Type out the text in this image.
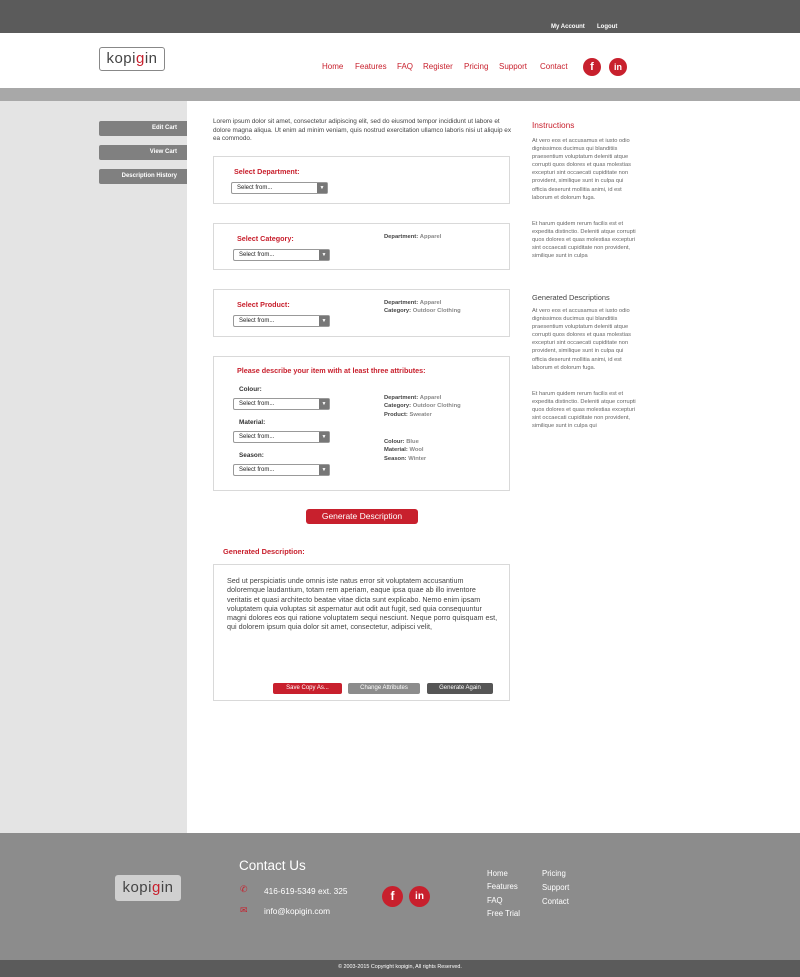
My Account Logout
kopigin	Home Features FAQ Register Pricing Support Contact	f	in
Edit Cart
View Cart
Description History

Lorem ipsum dolor sit amet, consectetur adipiscing elit, sed do eiusmod tempor incididunt ut labore et dolore magna aliqua. Ut enim ad minim veniam, quis nostrud exercitation ullamco laboris nisi ut aliquip ex ea commodo.

Select Department:
Select from...	▼
Select Category:
Select from...	▼
Department: Apparel
Select Product:
Select from...	▼
Department: Apparel
Category: Outdoor Clothing
Please describe your item with at least three attributes:
Colour:
Select from...	▼
Material:
Select from...	▼
Season:
Select from...	▼
Department: Apparel
Category: Outdoor Clothing
Product: Sweater
Colour: Blue
Material: Wool
Season: Winter
Generate Description
Generated Description:

Sed ut perspiciatis unde omnis iste natus error sit voluptatem accusantium doloremque laudantium, totam rem aperiam, eaque ipsa quae ab illo inventore veritatis et quasi architecto beatae vitae dicta sunt explicabo. Nemo enim ipsam voluptatem quia voluptas sit aspernatur aut odit aut fugit, sed quia consequuntur magni dolores eos qui ratione voluptatem sequi nesciunt. Neque porro quisquam est, qui dolorem ipsum quia dolor sit amet, consectetur, adipisci velit,

Save Copy As...	Change Attributes	Generate Again
Instructions

At vero eos et accusamus et iusto odio dignissimos ducimus qui blanditiis praesentium voluptatum deleniti atque corrupti quos dolores et quas molestias excepturi sint occaecati cupiditate non provident, similique sunt in culpa qui officia deserunt mollitia animi, id est laborum et dolorum fuga.

Et harum quidem rerum facilis est et expedita distinctio. Deleniti atque corrupti quos dolores et quas molestias excepturi sint occaecati cupiditate non provident, similique sunt in culpa

Generated Descriptions

At vero eos et accusamus et iusto odio dignissimos ducimus qui blanditiis praesentium voluptatum deleniti atque corrupti quos dolores et quas molestias excepturi sint occaecati cupiditate non provident, similique sunt in culpa qui officia deserunt mollitia animi, id est laborum et dolorum fuga.

Et harum quidem rerum facilis est et expedita distinctio. Deleniti atque corrupti quos dolores et quas molestias excepturi sint occaecati cupiditate non provident, similique sunt in culpa qui

kopigin
Contact Us
✆ 416-619-5349 ext. 325
✉ info@kopigin.com
f	in
Home
Features
FAQ
Free Trial
Pricing
Support
Contact
© 2003-2015 Copyright kopigin, All rights Reserved.
